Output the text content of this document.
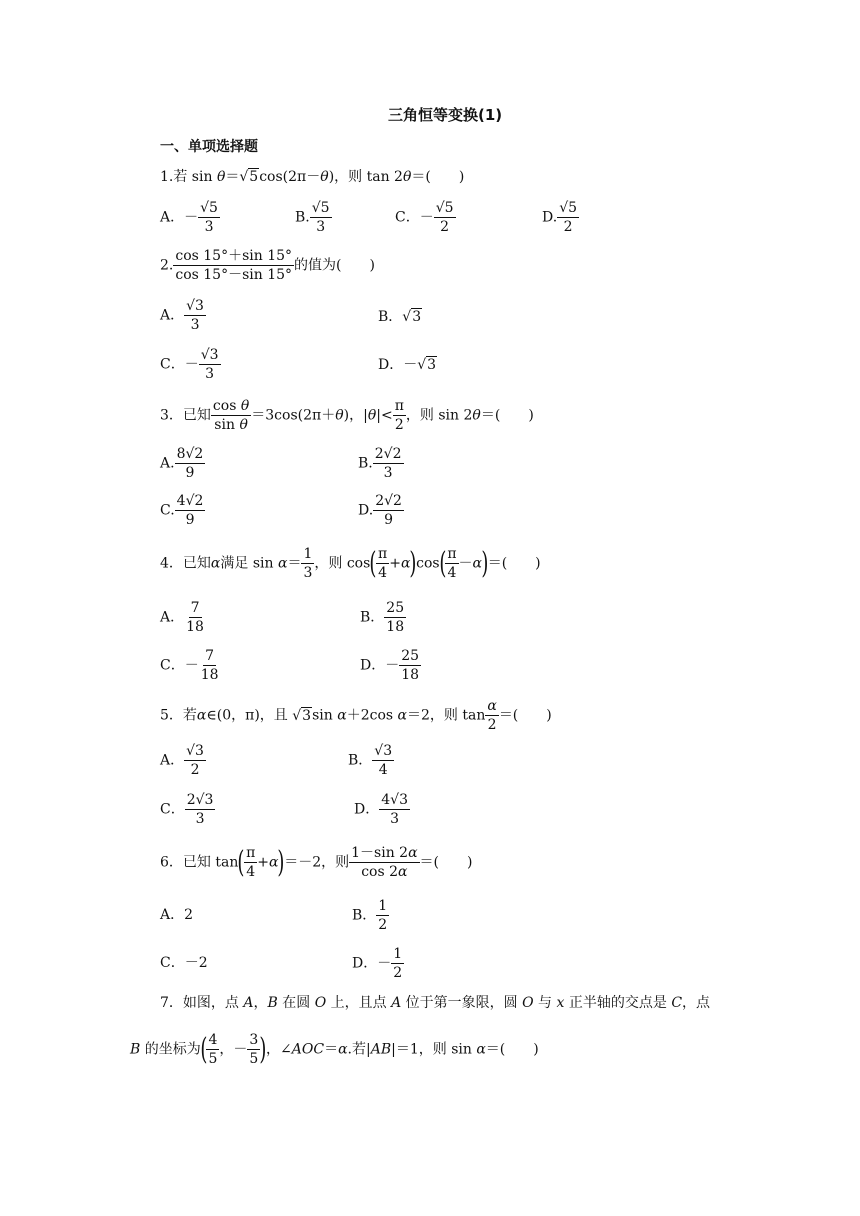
三角恒等变换(1)
一、单项选择题
1.若 sin θ＝√5cos(2π－θ)，则 tan 2θ＝(　　)
A．－ $\frac{√5}{3}$	B. $\frac{√5}{3}$	C．－ $\frac{√5}{2}$	D. $\frac{√5}{2}$
2. $\frac{\cos 15^\circ+\sin 15^\circ}{\cos 15^\circ-\sin 15^\circ}$ 的值为(　　)
A． $\frac{√3}{3}$	B．√3
C．－ $\frac{√3}{3}$	D．－√3
3．已知 $\frac{\text{cos θ}}{\text{sin θ}} =3\cos(2\pi+\theta)$，$|\theta|< \frac{\pi}{2}$ ，则 sin 2θ＝(　　)
A. $\frac{8√2}{9}$	B. $\frac{2√2}{3}$
C. $\frac{4√2}{9}$	D. $\frac{2√2}{9}$
4．已知α满足 $\sin \alpha= \frac{1}{3}$ ，则 $\cos( \frac{\pi}{4} +\alpha)\cos( \frac{\pi}{4} -\alpha)=$(　　)
A． $\frac{7}{18}$	B． $\frac{25}{18}$
C．－ $\frac{7}{18}$	D．－ $\frac{25}{18}$
5．若α∈(0，π)，且 √3sin α＋2cos α＝2，则 $\tan \frac{\alpha}{2}$ ＝(　　)
A． $\frac{√3}{2}$	B． $\frac{√3}{4}$
C． $\frac{2√3}{3}$	D． $\frac{4√3}{3}$
6．已知 $\tan( \frac{\pi}{4} +\alpha)=-2$，则 $\frac{1-\sin 2\alpha}{\cos 2\alpha}$ ＝(　　)
A．2	B． $\frac{1}{2}$
C．－2	D．－ $\frac{1}{2}$
7．如图，点 A，B 在圆 O 上，且点 A 位于第一象限，圆 O 与 x 正半轴的交点是 C，点
B 的坐标为( $\frac{4}{5}$ ，－ $\frac{3}{5}$ )，∠AOC＝α.若|AB|＝1，则 sin α＝(　　)
